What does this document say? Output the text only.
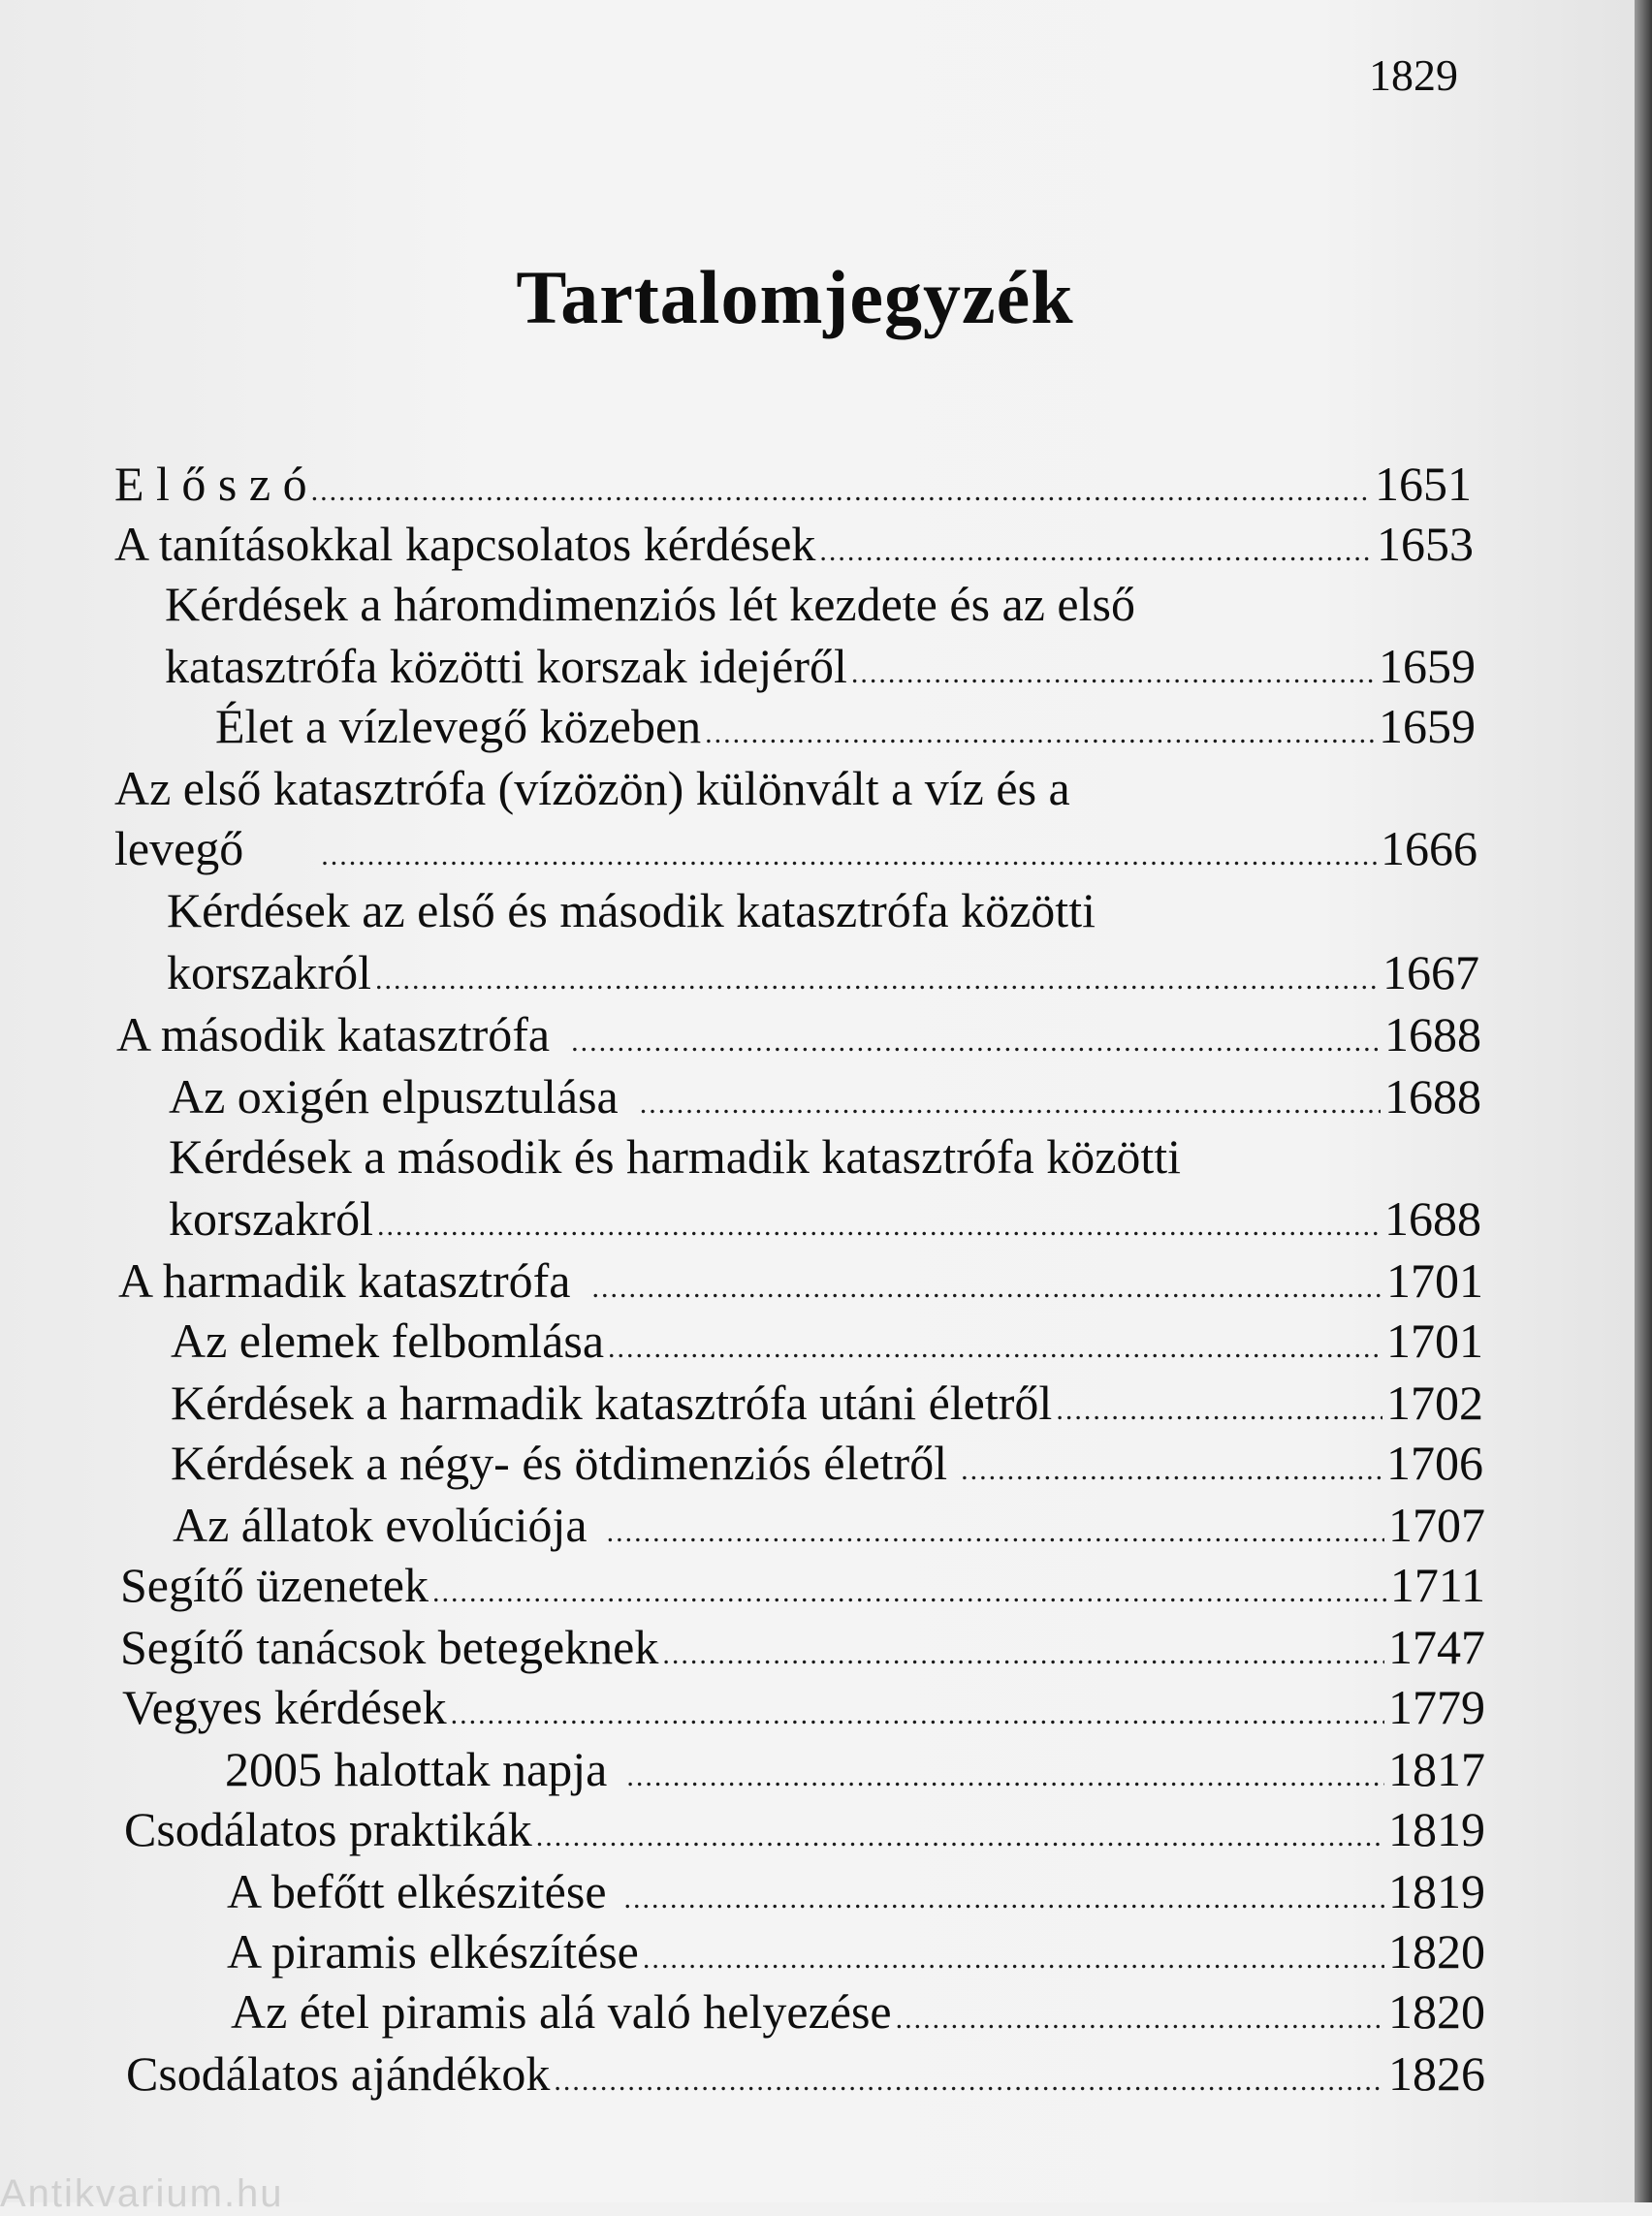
1829
Tartalomjegyzék
E l ő s z ó .....	1651
A tanításokkal kapcsolatos kérdések .....	1653
Kérdések a háromdimenziós lét kezdete és az első
katasztrófa közötti korszak idejéről .....	1659
Élet a vízlevegő közeben .....	1659
Az első katasztrófa (vízözön) különvált a víz és a
levegő .....	1666
Kérdések az első és második katasztrófa közötti
korszakról .....	1667
A második katasztrófa .....	1688
Az oxigén elpusztulása .....	1688
Kérdések a második és harmadik katasztrófa közötti
korszakról .....	1688
A harmadik katasztrófa .....	1701
Az elemek felbomlása .....	1701
Kérdések a harmadik katasztrófa utáni életről .....	1702
Kérdések a négy- és ötdimenziós életről .....	1706
Az állatok evolúciója .....	1707
Segítő üzenetek .....	1711
Segítő tanácsok betegeknek .....	1747
Vegyes kérdések .....	1779
2005 halottak napja .....	1817
Csodálatos praktikák .....	1819
A befőtt elkészitése .....	1819
A piramis elkészítése .....	1820
Az étel piramis alá való helyezése .....	1820
Csodálatos ajándékok .....	1826
Antikvarium.hu
